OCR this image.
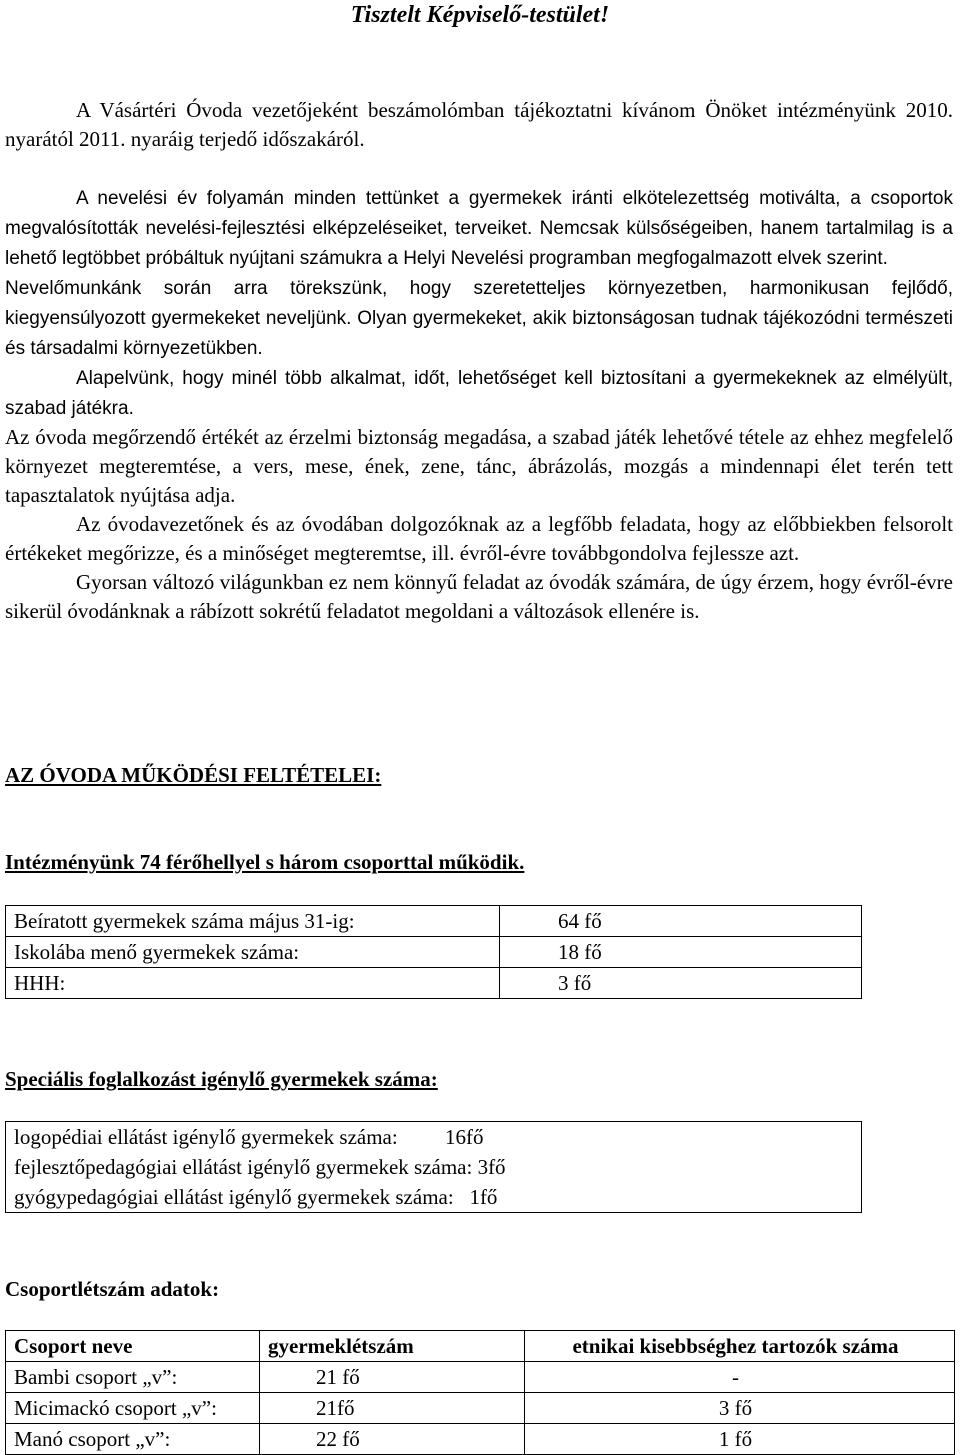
Tisztelt Képviselő-testület!

A Vásártéri Óvoda vezetőjeként beszámolómban tájékoztatni kívánom Önöket intézményünk 2010. nyarától 2011. nyaráig terjedő időszakáról.

A nevelési év folyamán minden tettünket a gyermekek iránti elkötelezettség motiválta, a csoportok megvalósították nevelési-fejlesztési elképzeléseiket, terveiket. Nemcsak külsőségeiben, hanem tartalmilag is a lehető legtöbbet próbáltuk nyújtani számukra a Helyi Nevelési programban megfogalmazott elvek szerint.

Nevelőmunkánk során arra törekszünk, hogy szeretetteljes környezetben, harmonikusan fejlődő, kiegyensúlyozott gyermekeket neveljünk. Olyan gyermekeket, akik biztonságosan tudnak tájékozódni természeti és társadalmi környezetükben.

Alapelvünk, hogy minél több alkalmat, időt, lehetőséget kell biztosítani a gyermekeknek az elmélyült, szabad játékra.

Az óvoda megőrzendő értékét az érzelmi biztonság megadása, a szabad játék lehetővé tétele az ehhez megfelelő környezet megteremtése, a vers, mese, ének, zene, tánc, ábrázolás, mozgás a mindennapi élet terén tett tapasztalatok nyújtása adja.

Az óvodavezetőnek és az óvodában dolgozóknak az a legfőbb feladata, hogy az előbbiekben felsorolt értékeket megőrizze, és a minőséget megteremtse, ill. évről-évre továbbgondolva fejlessze azt.

Gyorsan változó világunkban ez nem könnyű feladat az óvodák számára, de úgy érzem, hogy évről-évre sikerül óvodánknak a rábízott sokrétű feladatot megoldani a változások ellenére is.

AZ ÓVODA MŰKÖDÉSI FELTÉTELEI:
Intézményünk 74 férőhellyel s három csoporttal működik.
Beíratott gyermekek száma május 31-ig:	64 fő
Iskolába menő gyermekek száma:	18 fő
HHH:	3 fő
Speciális foglalkozást igénylő gyermekek száma:
logopédiai ellátást igénylő gyermekek száma:         16fő
fejlesztőpedagógiai ellátást igénylő gyermekek száma: 3fő
gyógypedagógiai ellátást igénylő gyermekek száma:   1fő
Csoportlétszám adatok:
Csoport neve	gyermeklétszám	etnikai kisebbséghez tartozók száma
Bambi csoport „v”:	21 fő	-
Micimackó csoport „v”:	21fő	3 fő
Manó csoport „v”:	22 fő	1 fő
